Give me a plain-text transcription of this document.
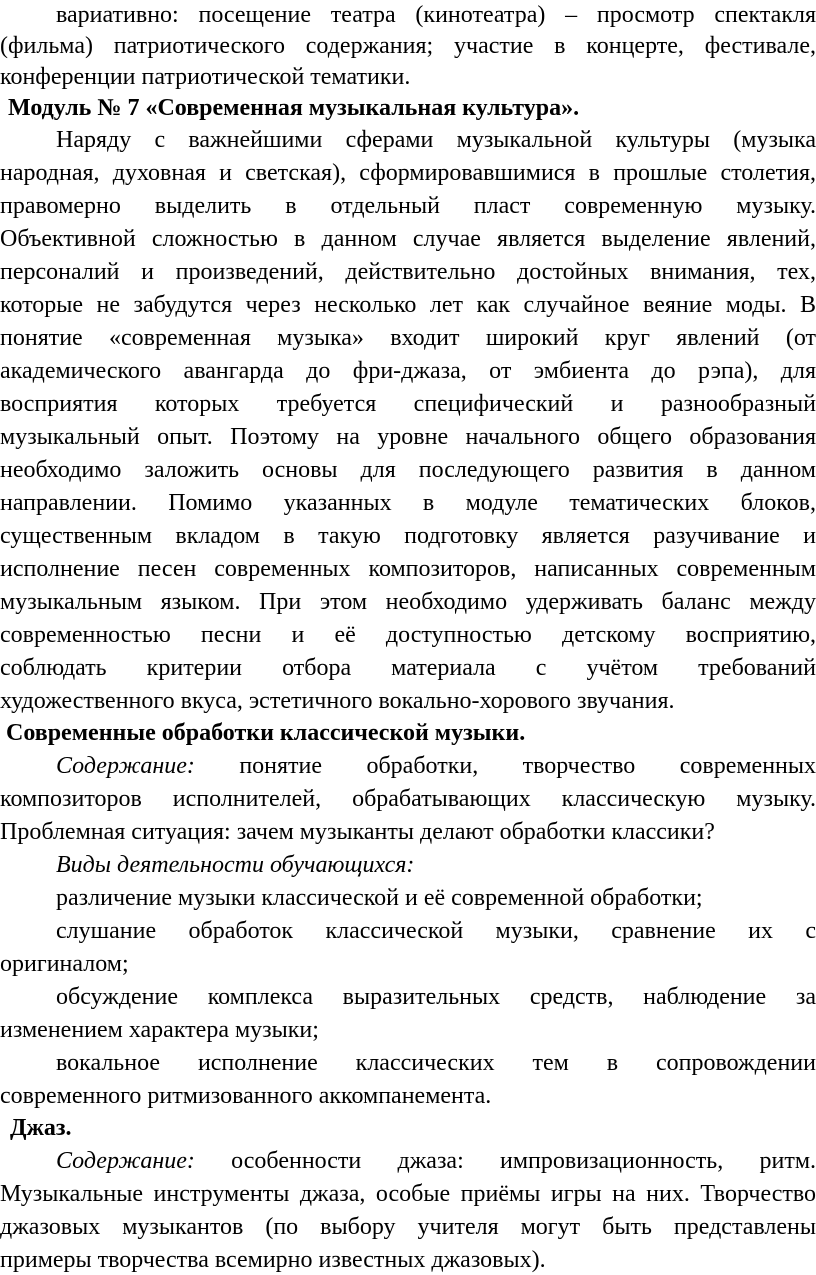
вариативно: посещение театра (кинотеатра) – просмотр спектакля
(фильма) патриотического содержания; участие в концерте, фестивале,
конференции патриотической тематики.
Модуль № 7 «Современная музыкальная культура».
Наряду с важнейшими сферами музыкальной культуры (музыка
народная, духовная и светская), сформировавшимися в прошлые столетия,
правомерно выделить в отдельный пласт современную музыку.
Объективной сложностью в данном случае является выделение явлений,
персоналий и произведений, действительно достойных внимания, тех,
которые не забудутся через несколько лет как случайное веяние моды. В
понятие «современная музыка» входит широкий круг явлений (от
академического авангарда до фри-джаза, от эмбиента до рэпа), для
восприятия которых требуется специфический и разнообразный
музыкальный опыт. Поэтому на уровне начального общего образования
необходимо заложить основы для последующего развития в данном
направлении. Помимо указанных в модуле тематических блоков,
существенным вкладом в такую подготовку является разучивание и
исполнение песен современных композиторов, написанных современным
музыкальным языком. При этом необходимо удерживать баланс между
современностью песни и её доступностью детскому восприятию,
соблюдать критерии отбора материала с учётом требований
художественного вкуса, эстетичного вокально-хорового звучания.
Современные обработки классической музыки.
Содержание: понятие обработки, творчество современных
композиторов исполнителей, обрабатывающих классическую музыку.
Проблемная ситуация: зачем музыканты делают обработки классики?
Виды деятельности обучающихся:
различение музыки классической и её современной обработки;
слушание обработок классической музыки, сравнение их с
оригиналом;
обсуждение комплекса выразительных средств, наблюдение за
изменением характера музыки;
вокальное исполнение классических тем в сопровождении
современного ритмизованного аккомпанемента.
Джаз.
Содержание: особенности джаза: импровизационность, ритм.
Музыкальные инструменты джаза, особые приёмы игры на них. Творчество
джазовых музыкантов (по выбору учителя могут быть представлены
примеры творчества всемирно известных джазовых).
